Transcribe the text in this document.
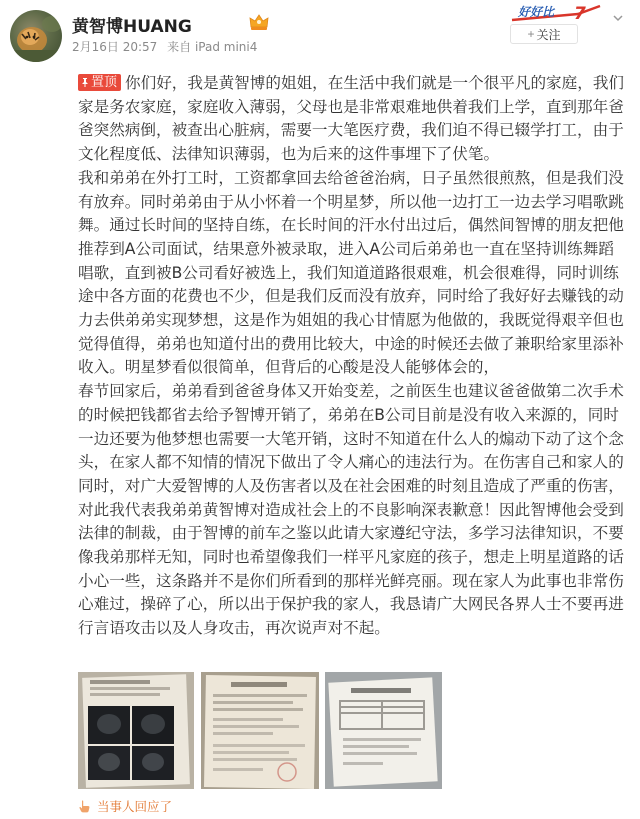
黄智博HUANG
2月16日 20:57 来自 iPad mini4
好好比 7
+ 关注

置顶 你们好，我是黄智博的姐姐，在生活中我们就是一个很平凡的家庭，我们家是务农家庭，家庭收入薄弱，父母也是非常艰难地供着我们上学，直到那年爸爸突然病倒，被查出心脏病，需要一大笔医疗费，我们迫不得已辍学打工，由于文化程度低、法律知识薄弱，也为后来的这件事埋下了伏笔。

我和弟弟在外打工时，工资都拿回去给爸爸治病，日子虽然很煎熬，但是我们没有放弃。同时弟弟由于从小怀着一个明星梦，所以他一边打工一边去学习唱歌跳舞。通过长时间的坚持自练，在长时间的汗水付出过后，偶然间智博的朋友把他推荐到A公司面试，结果意外被录取，进入A公司后弟弟也一直在坚持训练舞蹈唱歌，直到被B公司看好被选上，我们知道道路很艰难，机会很难得，同时训练途中各方面的花费也不少，但是我们反而没有放弃，同时给了我好好去赚钱的动力去供弟弟实现梦想，这是作为姐姐的我心甘情愿为他做的，我既觉得艰辛但也觉得值得，弟弟也知道付出的费用比较大，中途的时候还去做了兼职给家里添补收入。明星梦看似很简单，但背后的心酸是没人能够体会的，

春节回家后，弟弟看到爸爸身体又开始变差，之前医生也建议爸爸做第二次手术的时候把钱都省去给予智博开销了，弟弟在B公司目前是没有收入来源的，同时一边还要为他梦想也需要一大笔开销，这时不知道在什么人的煽动下动了这个念头，在家人都不知情的情况下做出了令人痛心的违法行为。在伤害自己和家人的同时，对广大爱智博的人及伤害者以及在社会困难的时刻且造成了严重的伤害，对此我代表我弟弟黄智博对造成社会上的不良影响深表歉意！因此智博他会受到法律的制裁，由于智博的前车之鉴以此请大家遵纪守法，多学习法律知识，不要像我弟那样无知，同时也希望像我们一样平凡家庭的孩子，想走上明星道路的话小心一些，这条路并不是你们所看到的那样光鲜亮丽。现在家人为此事也非常伤心难过，操碎了心，所以出于保护我的家人，我恳请广大网民各界人士不要再进行言语攻击以及人身攻击，再次说声对不起。

当事人回应了
